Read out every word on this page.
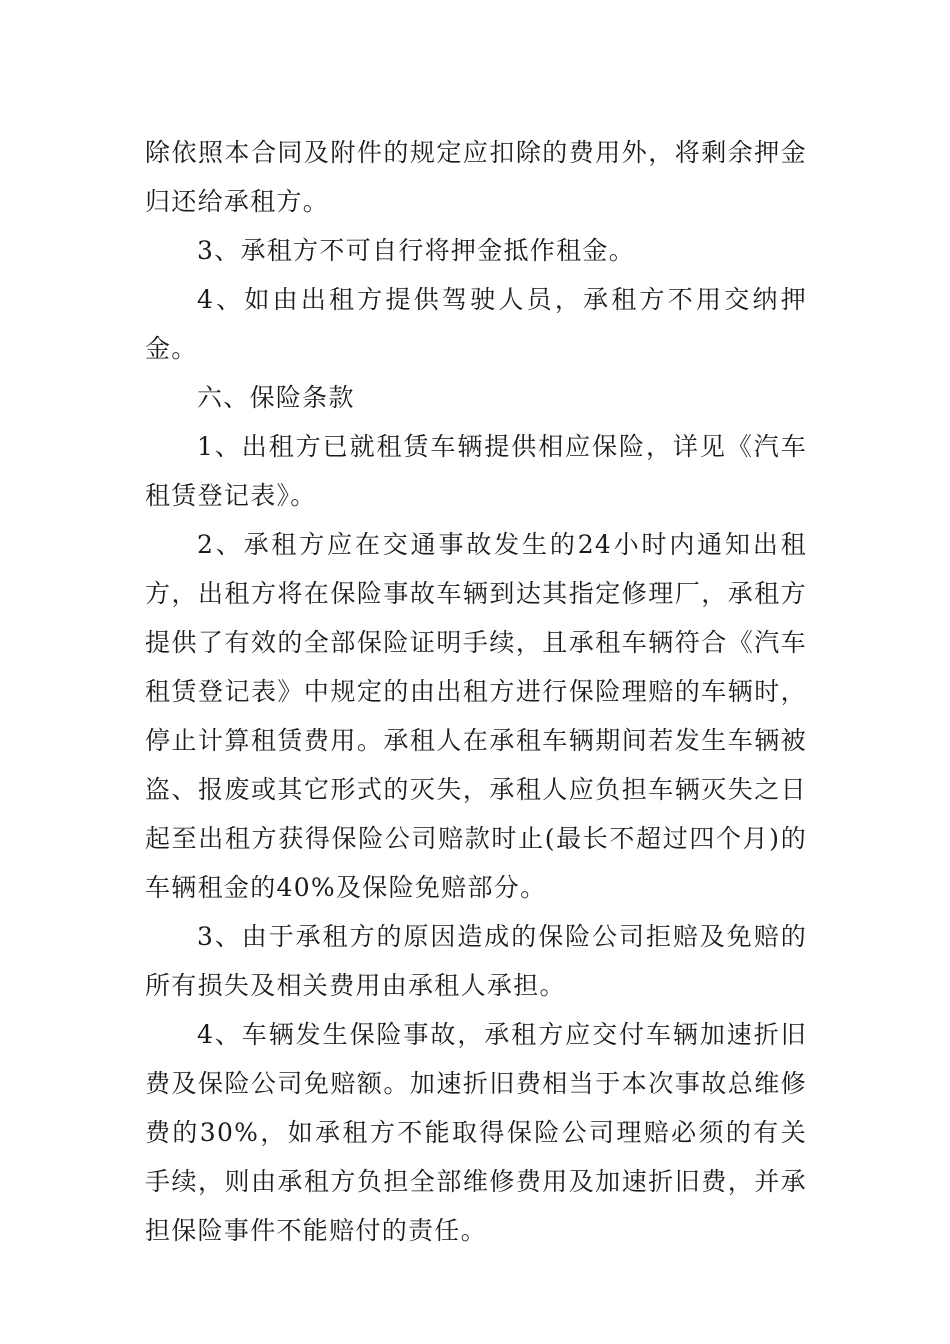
除依照本合同及附件的规定应扣除的费用外，将剩余押金归还给承租方。

3、承租方不可自行将押金抵作租金。

4、如由出租方提供驾驶人员，承租方不用交纳押金。

六、保险条款

1、出租方已就租赁车辆提供相应保险，详见《汽车租赁登记表》。

2、承租方应在交通事故发生的24小时内通知出租方，出租方将在保险事故车辆到达其指定修理厂，承租方提供了有效的全部保险证明手续，且承租车辆符合《汽车租赁登记表》中规定的由出租方进行保险理赔的车辆时，停止计算租赁费用。承租人在承租车辆期间若发生车辆被盗、报废或其它形式的灭失，承租人应负担车辆灭失之日起至出租方获得保险公司赔款时止(最长不超过四个月)的车辆租金的40%及保险免赔部分。

3、由于承租方的原因造成的保险公司拒赔及免赔的所有损失及相关费用由承租人承担。

4、车辆发生保险事故，承租方应交付车辆加速折旧费及保险公司免赔额。加速折旧费相当于本次事故总维修费的30%，如承租方不能取得保险公司理赔必须的有关手续，则由承租方负担全部维修费用及加速折旧费，并承担保险事件不能赔付的责任。
